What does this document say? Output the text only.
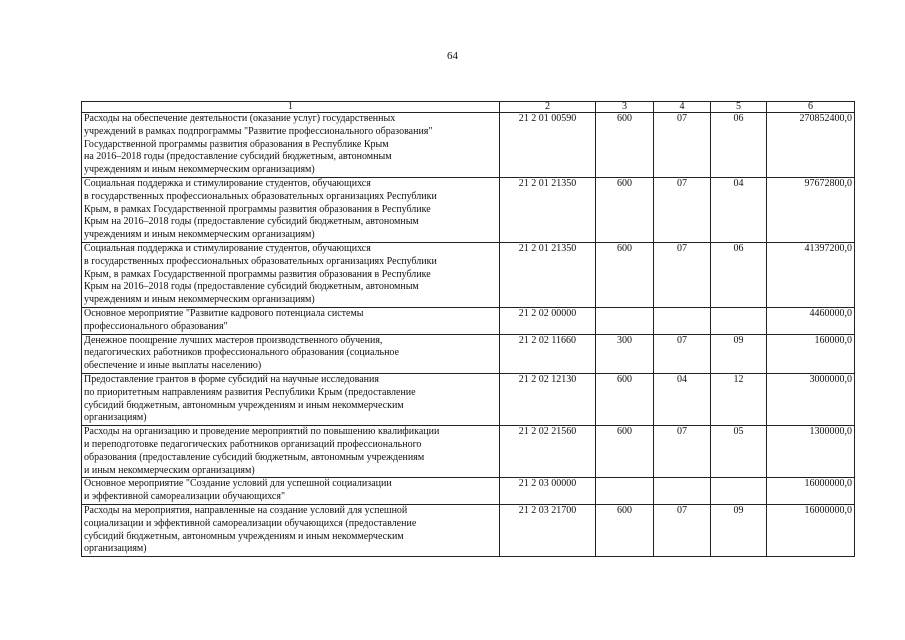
64
1	2	3	4	5	6

Расходы на обеспечение деятельности (оказание услуг) государственных
учреждений в рамках подпрограммы "Развитие профессионального образования"
Государственной программы развития образования в Республике Крым
на 2016–2018 годы (предоставление субсидий бюджетным, автономным
учреждениям и иным некоммерческим организациям)	21 2 01 00590	600	07	06	270852400,0

Социальная поддержка и стимулирование студентов, обучающихся
в государственных профессиональных образовательных организациях Республики
Крым, в рамках Государственной программы развития образования в Республике
Крым на 2016–2018 годы (предоставление субсидий бюджетным, автономным
учреждениям и иным некоммерческим организациям)	21 2 01 21350	600	07	04	97672800,0

Социальная поддержка и стимулирование студентов, обучающихся
в государственных профессиональных образовательных организациях Республики
Крым, в рамках Государственной программы развития образования в Республике
Крым на 2016–2018 годы (предоставление субсидий бюджетным, автономным
учреждениям и иным некоммерческим организациям)	21 2 01 21350	600	07	06	41397200,0

Основное мероприятие "Развитие кадрового потенциала системы
профессионального образования"	21 2 02 00000				4460000,0

Денежное поощрение лучших мастеров производственного обучения,
педагогических работников профессионального образования (социальное
обеспечение и иные выплаты населению)	21 2 02 11660	300	07	09	160000,0

Предоставление грантов в форме субсидий на научные исследования
по приоритетным направлениям развития Республики Крым (предоставление
субсидий бюджетным, автономным учреждениям и иным некоммерческим
организациям)	21 2 02 12130	600	04	12	3000000,0

Расходы на организацию и проведение мероприятий по повышению квалификации
и переподготовке педагогических работников организаций профессионального
образования (предоставление субсидий бюджетным, автономным учреждениям
и иным некоммерческим организациям)	21 2 02 21560	600	07	05	1300000,0

Основное мероприятие "Создание условий для успешной социализации
и эффективной самореализации обучающихся"	21 2 03 00000				16000000,0

Расходы на мероприятия, направленные на создание условий для успешной
социализации и эффективной самореализации обучающихся (предоставление
субсидий бюджетным, автономным учреждениям и иным некоммерческим
организациям)	21 2 03 21700	600	07	09	16000000,0
